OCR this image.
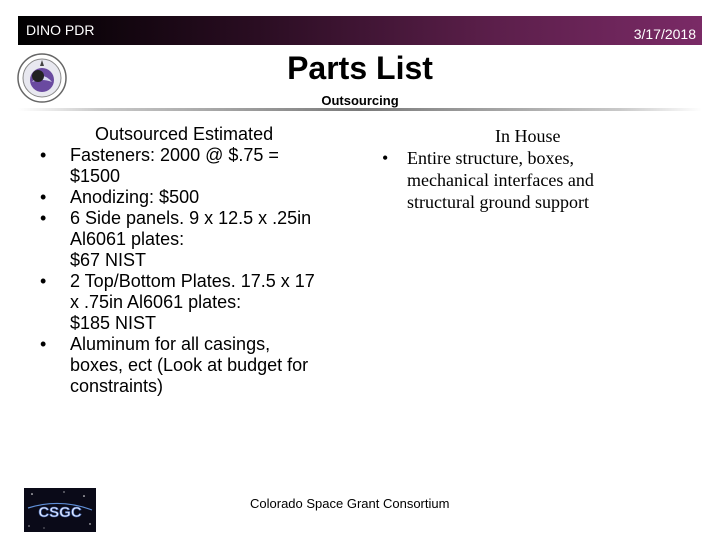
DINO PDR	3/17/2018
Parts List
Outsourcing
Outsourced Estimated
• Fasteners: 2000 @ $.75 =
$1500
• Anodizing: $500
• 6 Side panels. 9 x 12.5 x .25in
Al6061 plates:
$67 NIST
• 2 Top/Bottom Plates. 17.5 x 17
x .75in Al6061 plates:
$185 NIST
• Aluminum for all casings,
boxes, ect (Look at budget for
constraints)
In House
• Entire structure, boxes,
mechanical interfaces and
structural ground support
CSGC
Colorado Space Grant Consortium
